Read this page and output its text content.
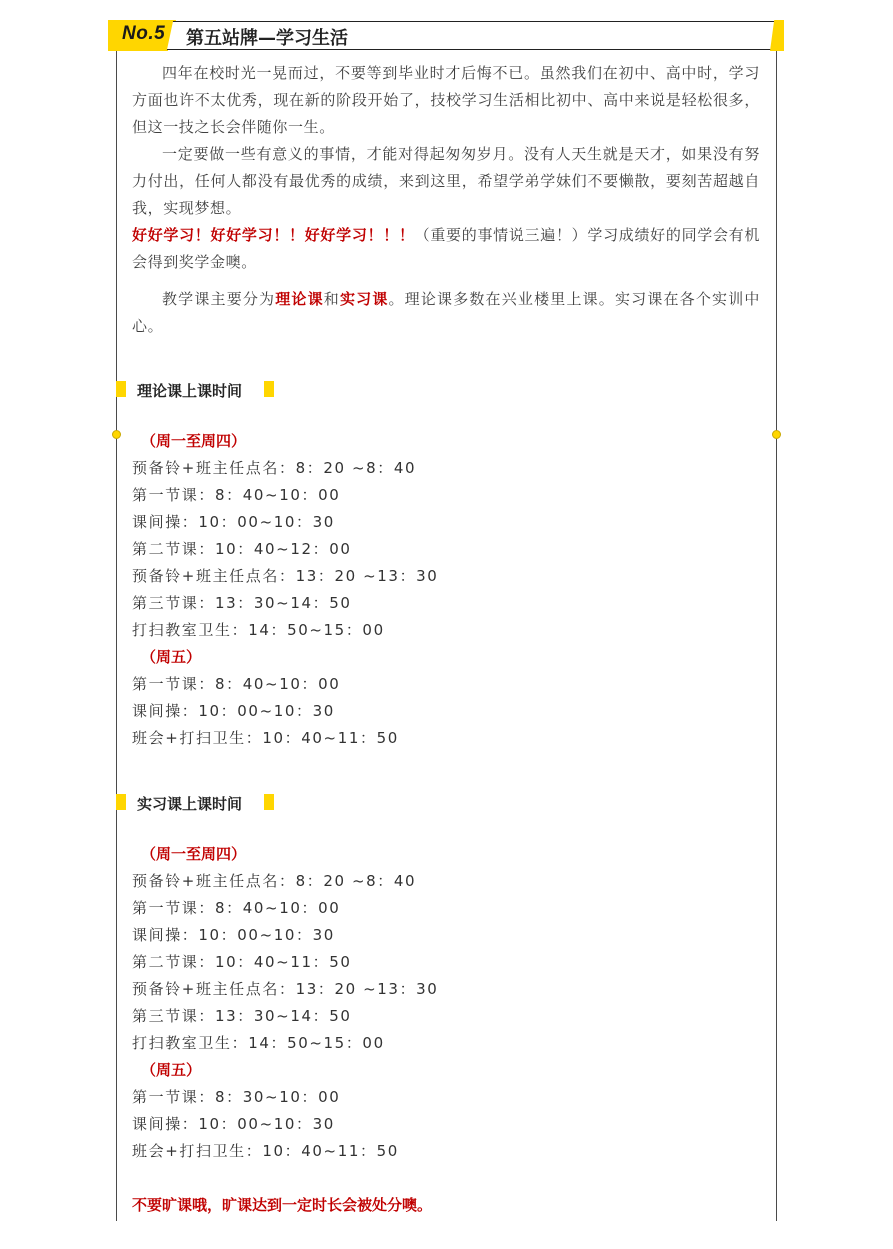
No.5 第五站牌—学习生活

四年在校时光一晃而过，不要等到毕业时才后悔不已。虽然我们在初中、高中时，学习方面也许不太优秀，现在新的阶段开始了，技校学习生活相比初中、高中来说是轻松很多，但这一技之长会伴随你一生。

一定要做一些有意义的事情，才能对得起匆匆岁月。没有人天生就是天才，如果没有努力付出，任何人都没有最优秀的成绩，来到这里，希望学弟学妹们不要懒散，要刻苦超越自我，实现梦想。

好好学习！好好学习！！好好学习！！！（重要的事情说三遍！）学习成绩好的同学会有机会得到奖学金噢。

教学课主要分为理论课和实习课。理论课多数在兴业楼里上课。实习课在各个实训中心。

理论课上课时间
（周一至周四）
预备铃+班主任点名：8：20 ~8：40
第一节课：8：40~10：00
课间操：10：00~10：30
第二节课：10：40~12：00
预备铃+班主任点名：13：20 ~13：30
第三节课：13：30~14：50
打扫教室卫生：14：50~15：00
（周五）
第一节课：8：40~10：00
课间操：10：00~10：30
班会+打扫卫生：10：40~11：50
实习课上课时间
（周一至周四）
预备铃+班主任点名：8：20 ~8：40
第一节课：8：40~10：00
课间操：10：00~10：30
第二节课：10：40~11：50
预备铃+班主任点名：13：20 ~13：30
第三节课：13：30~14：50
打扫教室卫生：14：50~15：00
（周五）
第一节课：8：30~10：00
课间操：10：00~10：30
班会+打扫卫生：10：40~11：50
不要旷课哦，旷课达到一定时长会被处分噢。
